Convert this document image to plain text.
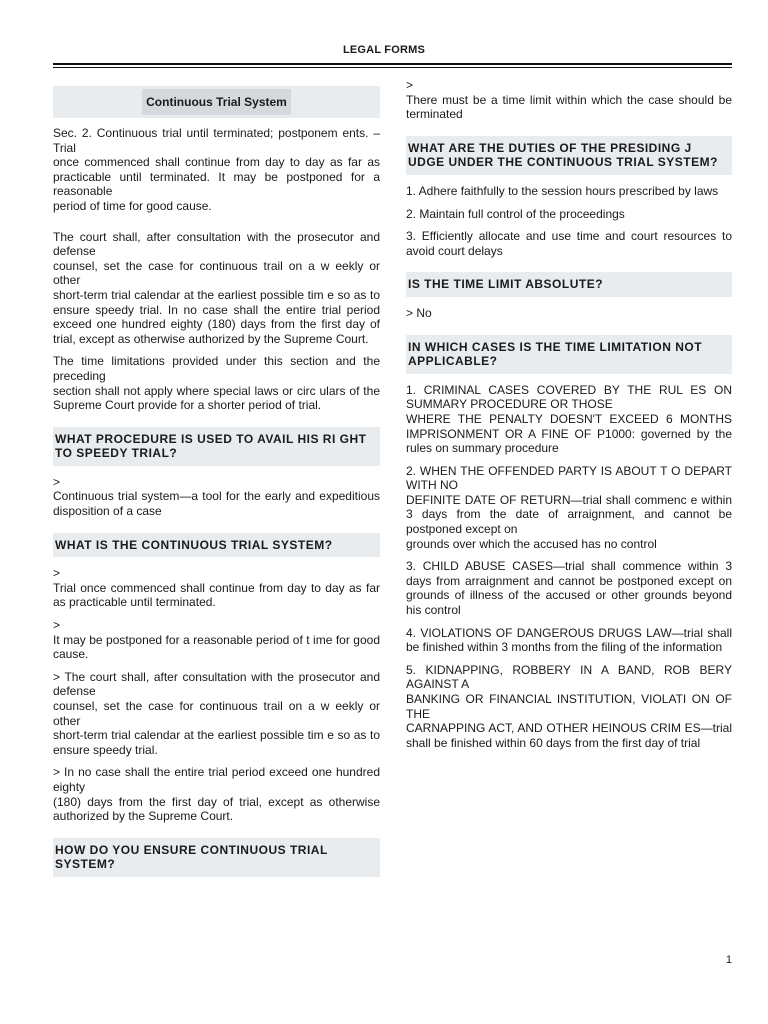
LEGAL FORMS
Continuous Trial System

Sec. 2. Continuous trial until terminated; postponem ents. – Trial
once commenced shall continue from day to day as far as practicable until terminated. It may be postponed for a reasonable
period of time for good cause.

The court shall, after consultation with the prosecutor and defense
counsel, set the case for continuous trail on a w eekly or other
short-term trial calendar at the earliest possible tim e so as to ensure speedy trial. In no case shall the entire trial period exceed one hundred eighty (180) days from the first day of trial, except as otherwise authorized by the Supreme Court.

The time limitations provided under this section and the preceding
section shall not apply where special laws or circ ulars of the Supreme Court provide for a shorter period of trial.

WHAT PROCEDURE IS USED TO AVAIL HIS RI GHT TO SPEEDY TRIAL?

>
Continuous trial system—a tool for the early and expeditious disposition of a case

WHAT IS THE CONTINUOUS TRIAL SYSTEM?

>
Trial once commenced shall continue from day to day as far as practicable until terminated.

>
It may be postponed for a reasonable period of t ime for good cause.

> The court shall, after consultation with the prosecutor and defense
counsel, set the case for continuous trail on a w eekly or other
short-term trial calendar at the earliest possible tim e so as to ensure speedy trial.

> In no case shall the entire trial period exceed one hundred eighty
(180) days from the first day of trial, except as otherwise authorized by the Supreme Court.

HOW DO YOU ENSURE CONTINUOUS TRIAL SYSTEM?

>
There must be a time limit within which the case should be terminated

WHAT ARE THE DUTIES OF THE PRESIDING J UDGE UNDER THE CONTINUOUS TRIAL SYSTEM?

1. Adhere faithfully to the session hours prescribed by laws

2. Maintain full control of the proceedings

3. Efficiently allocate and use time and court resources to avoid court delays

IS THE TIME LIMIT ABSOLUTE?

> No

IN WHICH CASES IS THE TIME LIMITATION NOT APPLICABLE?

1. CRIMINAL CASES COVERED BY THE RUL ES ON SUMMARY PROCEDURE OR THOSE
WHERE THE PENALTY DOESN'T EXCEED 6 MONTHS IMPRISONMENT OR A FINE OF P1000: governed by the rules on summary procedure

2. WHEN THE OFFENDED PARTY IS ABOUT T O DEPART WITH NO
DEFINITE DATE OF RETURN—trial shall commenc e within 3 days from the date of arraignment, and cannot be postponed except on
grounds over which the accused has no control

3. CHILD ABUSE CASES—trial shall commence within 3 days from arraignment and cannot be postponed except on grounds of illness of the accused or other grounds beyond his control

4. VIOLATIONS OF DANGEROUS DRUGS LAW—trial shall be finished within 3 months from the filing of the information

5. KIDNAPPING, ROBBERY IN A BAND, ROB BERY AGAINST A
BANKING OR FINANCIAL INSTITUTION, VIOLATI ON OF THE
CARNAPPING ACT, AND OTHER HEINOUS CRIM ES—trial shall be finished within 60 days from the first day of trial

1
